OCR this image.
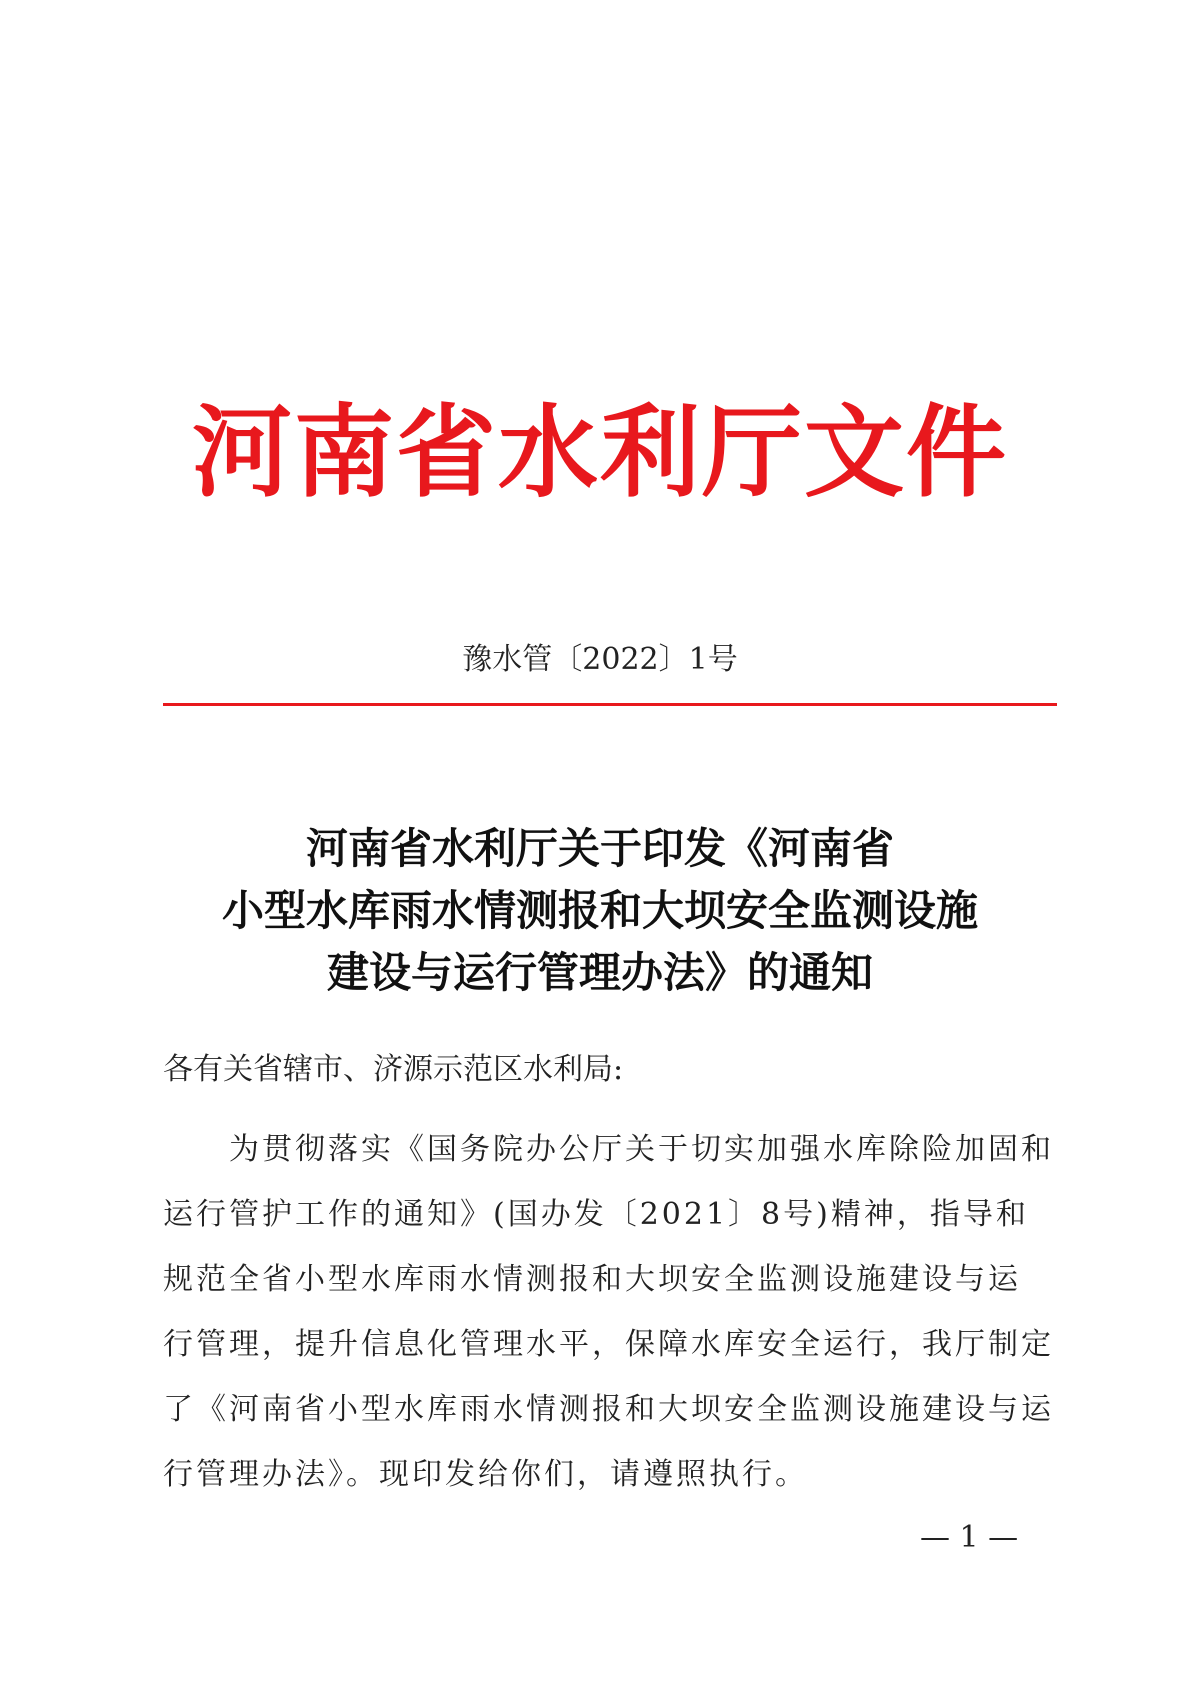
河南省水利厅文件
豫水管〔2022〕1号
河南省水利厅关于印发《河南省
小型水库雨水情测报和大坝安全监测设施
建设与运行管理办法》的通知
各有关省辖市、济源示范区水利局:
　　为贯彻落实《国务院办公厅关于切实加强水库除险加固和
运行管护工作的通知》(国办发〔2021〕8号)精神，指导和
规范全省小型水库雨水情测报和大坝安全监测设施建设与运
行管理，提升信息化管理水平，保障水库安全运行，我厅制定
了《河南省小型水库雨水情测报和大坝安全监测设施建设与运
行管理办法》。现印发给你们，请遵照执行。
— 1 —
